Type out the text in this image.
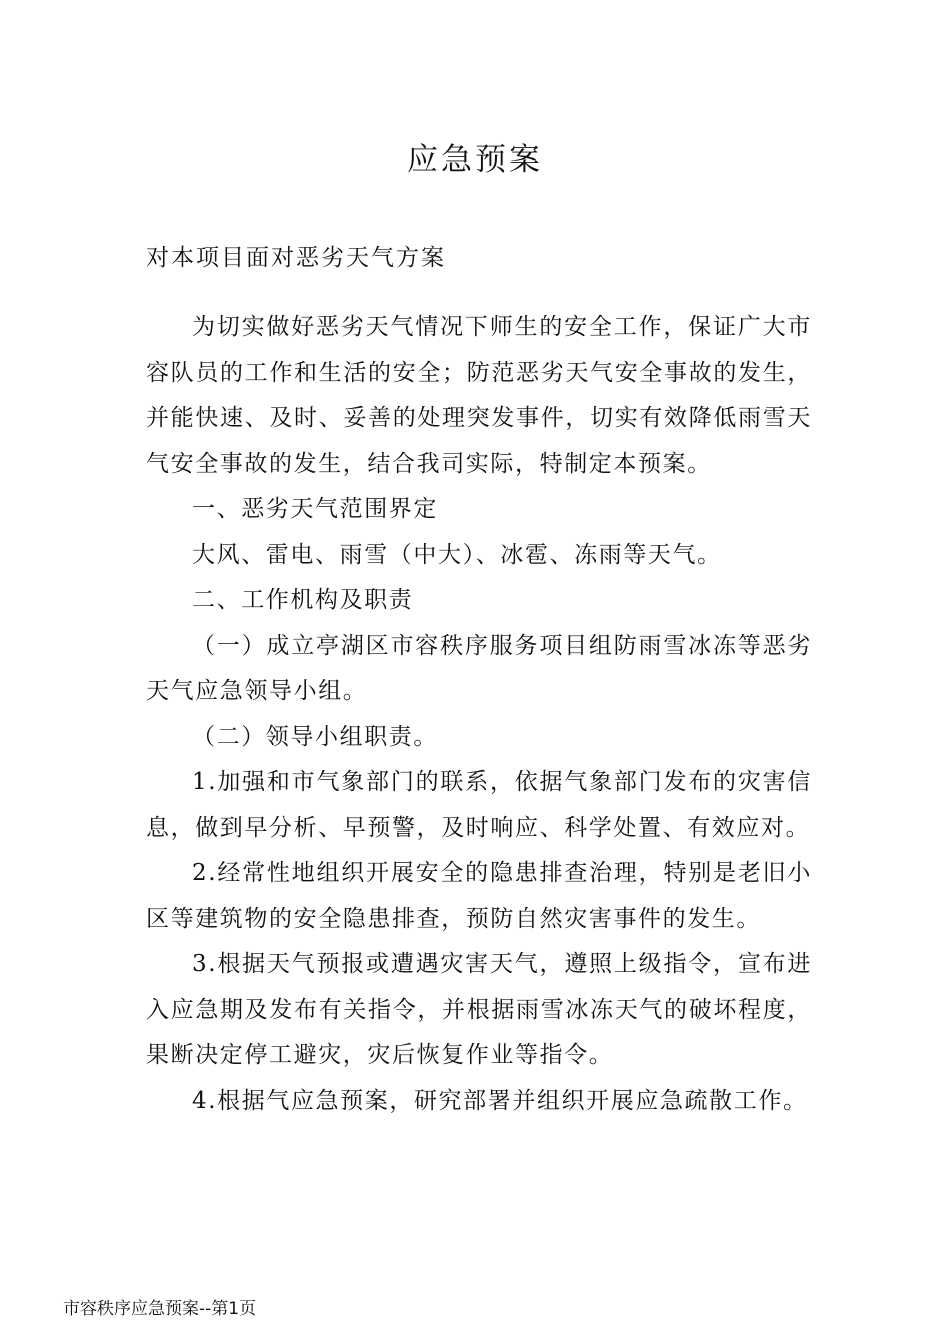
应急预案
对本项目面对恶劣天气方案

为切实做好恶劣天气情况下师生的安全工作，保证广大市容队员的工作和生活的安全；防范恶劣天气安全事故的发生，并能快速、及时、妥善的处理突发事件，切实有效降低雨雪天气安全事故的发生，结合我司实际，特制定本预案。

一、恶劣天气范围界定

大风、雷电、雨雪（中大）、冰雹、冻雨等天气。

二、工作机构及职责

（一）成立亭湖区市容秩序服务项目组防雨雪冰冻等恶劣天气应急领导小组。

（二）领导小组职责。

1.加强和市气象部门的联系，依据气象部门发布的灾害信息，做到早分析、早预警，及时响应、科学处置、有效应对。

2.经常性地组织开展安全的隐患排查治理，特别是老旧小区等建筑物的安全隐患排查，预防自然灾害事件的发生。

3.根据天气预报或遭遇灾害天气，遵照上级指令，宣布进入应急期及发布有关指令，并根据雨雪冰冻天气的破坏程度，果断决定停工避灾，灾后恢复作业等指令。

4.根据气应急预案，研究部署并组织开展应急疏散工作。

市容秩序应急预案--第1页
